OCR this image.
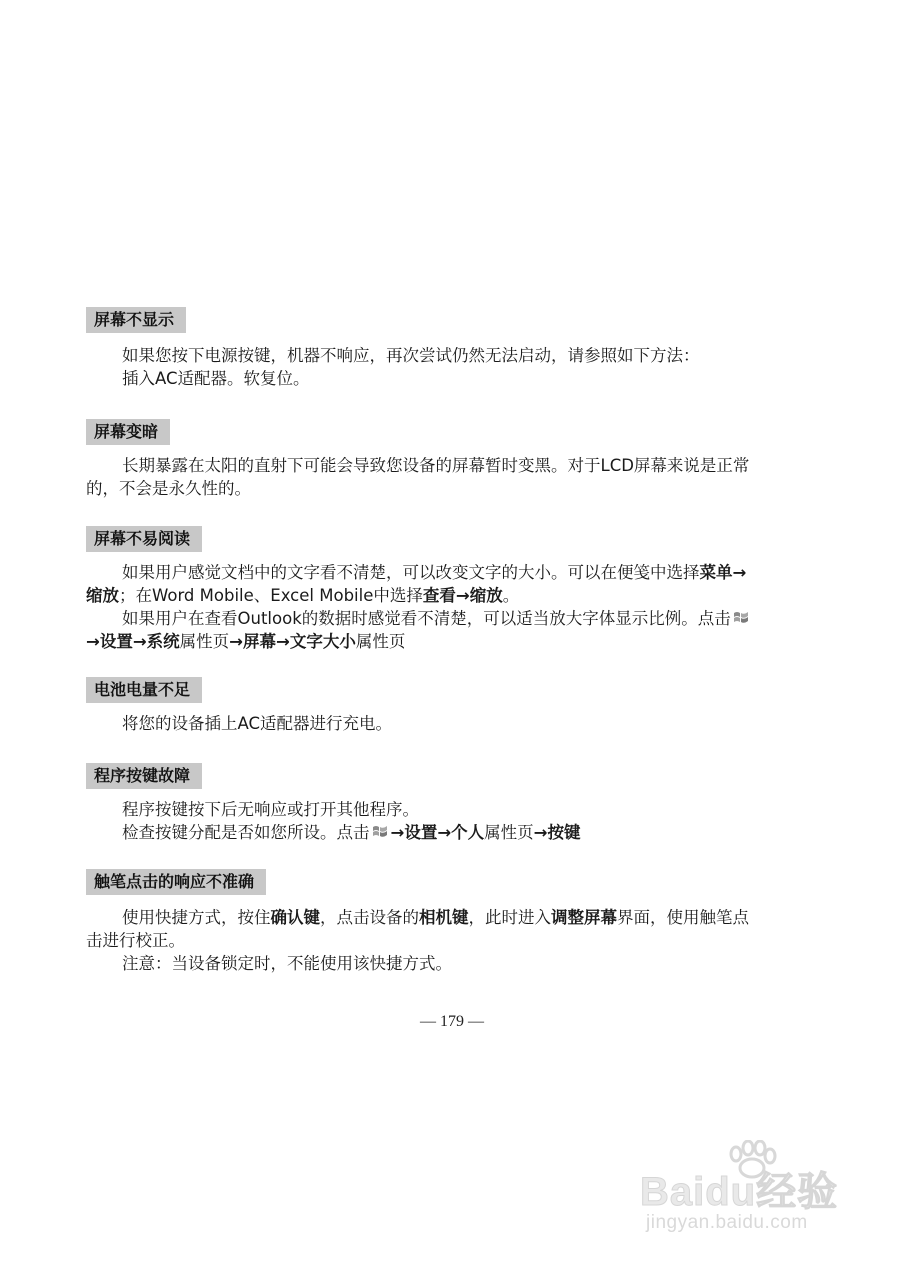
屏幕不显示
如果您按下电源按键，机器不响应，再次尝试仍然无法启动，请参照如下方法：
插入AC适配器。软复位。
屏幕变暗
长期暴露在太阳的直射下可能会导致您设备的屏幕暂时变黑。对于LCD屏幕来说是正常
的，不会是永久性的。
屏幕不易阅读
如果用户感觉文档中的文字看不清楚，可以改变文字的大小。可以在便笺中选择菜单→
缩放；在Word Mobile、Excel Mobile中选择查看→缩放。
如果用户在查看Outlook的数据时感觉看不清楚，可以适当放大字体显示比例。点击
→设置→系统属性页→屏幕→文字大小属性页
电池电量不足
将您的设备插上AC适配器进行充电。
程序按键故障
程序按键按下后无响应或打开其他程序。
检查按键分配是否如您所设。点击 →设置→个人属性页→按键
触笔点击的响应不准确
使用快捷方式，按住确认键，点击设备的相机键，此时进入调整屏幕界面，使用触笔点
击进行校正。
注意：当设备锁定时，不能使用该快捷方式。
— 179 —
Baidu经验
jingyan.baidu.com
